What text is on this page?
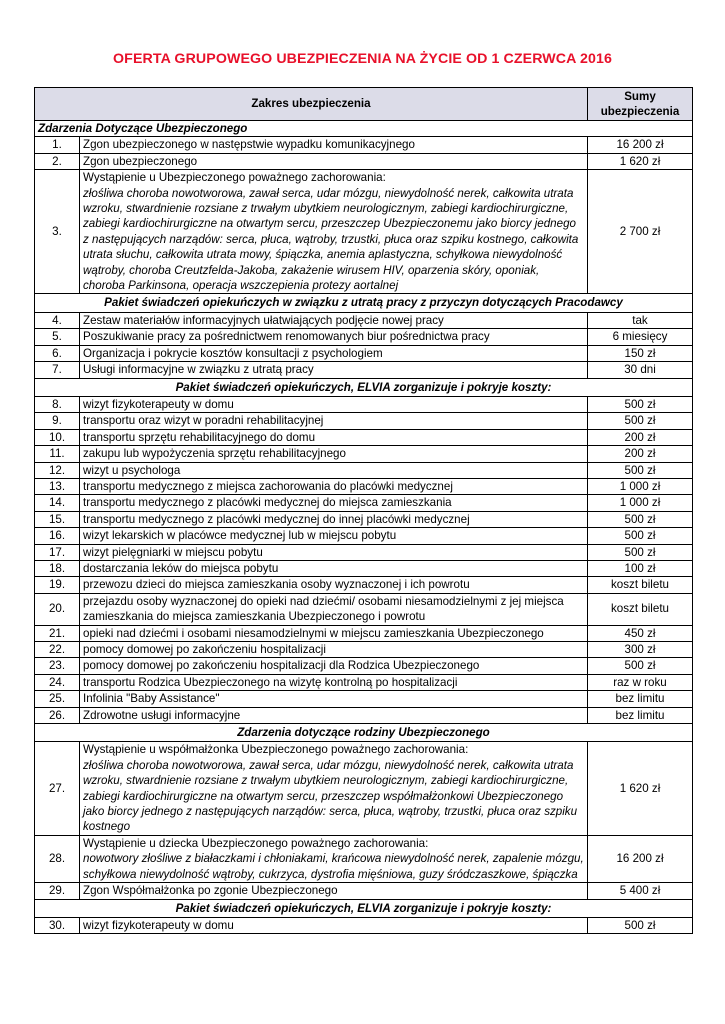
OFERTA GRUPOWEGO UBEZPIECZENIA NA ŻYCIE OD 1 CZERWCA 2016
Zakres ubezpieczenia		Sumy
ubezpieczenia

Zdarzenia Dotyczące Ubezpieczonego		
1.	Zgon ubezpieczonego w następstwie wypadku komunikacyjnego	16 200 zł
2.	Zgon ubezpieczonego	1 620 zł
3.	Wystąpienie u Ubezpieczonego poważnego zachorowania:
złośliwa choroba nowotworowa, zawał serca, udar mózgu, niewydolność nerek, całkowita utrata wzroku, stwardnienie rozsiane z trwałym ubytkiem neurologicznym, zabiegi kardiochirurgiczne, zabiegi kardiochirurgiczne na otwartym sercu, przeszczep Ubezpieczonemu jako biorcy jednego z następujących narządów: serca, płuca, wątroby, trzustki, płuca oraz szpiku kostnego, całkowita utrata słuchu, całkowita utrata mowy, śpiączka, anemia aplastyczna, schyłkowa niewydolność wątroby, choroba Creutzfelda-Jakoba, zakażenie wirusem HIV, oparzenia skóry, oponiak, choroba Parkinsona, operacja wszczepienia protezy aortalnej	2 700 zł
Pakiet świadczeń opiekuńczych w związku z utratą pracy z przyczyn dotyczących Pracodawcy		
4.	Zestaw materiałów informacyjnych ułatwiających podjęcie nowej pracy	tak
5.	Poszukiwanie pracy za pośrednictwem renomowanych biur pośrednictwa pracy	6 miesięcy
6.	Organizacja i pokrycie kosztów konsultacji z psychologiem	150 zł
7.	Usługi informacyjne w związku z utratą pracy	30 dni
Pakiet świadczeń opiekuńczych, ELVIA zorganizuje i pokryje koszty:		
8.	wizyt fizykoterapeuty w domu	500 zł
9.	transportu oraz wizyt w poradni rehabilitacyjnej	500 zł
10.	transportu sprzętu rehabilitacyjnego do domu	200 zł
11.	zakupu lub wypożyczenia sprzętu rehabilitacyjnego	200 zł
12.	wizyt u psychologa	500 zł
13.	transportu medycznego z miejsca zachorowania do placówki medycznej	1 000 zł
14.	transportu medycznego z placówki medycznej do miejsca zamieszkania	1 000 zł
15.	transportu medycznego z placówki medycznej do innej placówki medycznej	500 zł
16.	wizyt lekarskich w placówce medycznej lub w miejscu pobytu	500 zł
17.	wizyt pielęgniarki w miejscu pobytu	500 zł
18.	dostarczania leków do miejsca pobytu	100 zł
19.	przewozu dzieci do miejsca zamieszkania osoby wyznaczonej i ich powrotu	koszt biletu
20.	przejazdu osoby wyznaczonej do opieki nad dziećmi/ osobami niesamodzielnymi z jej miejsca zamieszkania do miejsca zamieszkania Ubezpieczonego i powrotu	koszt biletu
21.	opieki nad dziećmi i osobami niesamodzielnymi w miejscu zamieszkania Ubezpieczonego	450 zł
22.	pomocy domowej po zakończeniu hospitalizacji	300 zł
23.	pomocy domowej po zakończeniu hospitalizacji dla Rodzica Ubezpieczonego	500 zł
24.	transportu Rodzica Ubezpieczonego na wizytę kontrolną po hospitalizacji	raz w roku
25.	Infolinia "Baby Assistance"	bez limitu
26.	Zdrowotne usługi informacyjne	bez limitu
Zdarzenia dotyczące rodziny Ubezpieczonego		
27.	Wystąpienie u współmałżonka Ubezpieczonego poważnego zachorowania:
złośliwa choroba nowotworowa, zawał serca, udar mózgu, niewydolność nerek, całkowita utrata wzroku, stwardnienie rozsiane z trwałym ubytkiem neurologicznym, zabiegi kardiochirurgiczne, zabiegi kardiochirurgiczne na otwartym sercu, przeszczep współmałżonkowi Ubezpieczonego jako biorcy jednego z następujących narządów: serca, płuca, wątroby, trzustki, płuca oraz szpiku kostnego	1 620 zł
28.	Wystąpienie u dziecka Ubezpieczonego poważnego zachorowania:
nowotwory złośliwe z białaczkami i chłoniakami, krańcowa niewydolność nerek, zapalenie mózgu, schyłkowa niewydolność wątroby, cukrzyca, dystrofia mięśniowa, guzy śródczaszkowe, śpiączka	16 200 zł
29.	Zgon Współmałżonka po zgonie Ubezpieczonego	5 400 zł
Pakiet świadczeń opiekuńczych, ELVIA zorganizuje i pokryje koszty:		
30.	wizyt fizykoterapeuty w domu	500 zł
